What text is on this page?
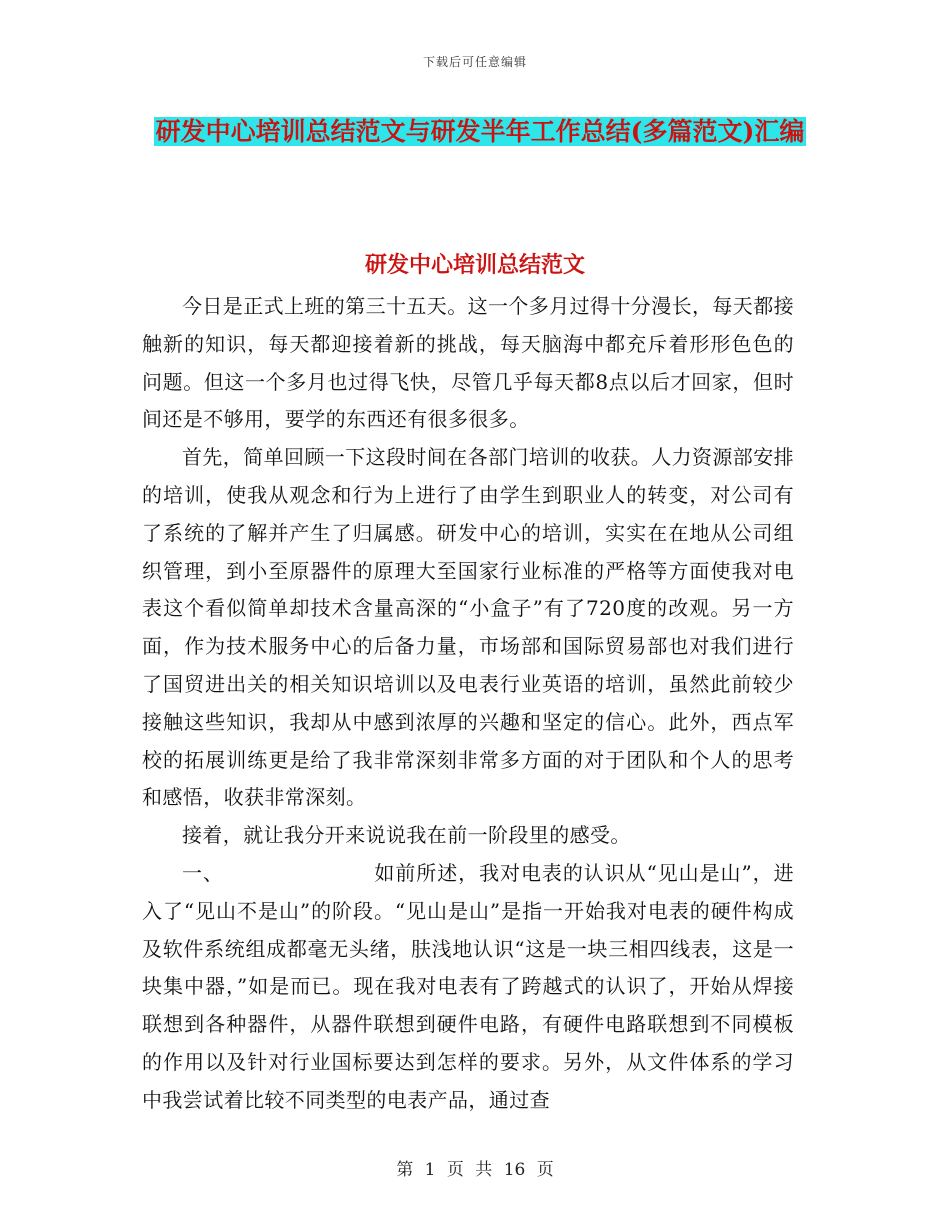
下载后可任意编辑
研发中心培训总结范文与研发半年工作总结(多篇范文)汇编
研发中心培训总结范文

今日是正式上班的第三十五天。这一个多月过得十分漫长，每天都接触新的知识，每天都迎接着新的挑战，每天脑海中都充斥着形形色色的问题。但这一个多月也过得飞快，尽管几乎每天都8点以后才回家，但时间还是不够用，要学的东西还有很多很多。

首先，简单回顾一下这段时间在各部门培训的收获。人力资源部安排的培训，使我从观念和行为上进行了由学生到职业人的转变，对公司有了系统的了解并产生了归属感。研发中心的培训，实实在在地从公司组织管理，到小至原器件的原理大至国家行业标准的严格等方面使我对电表这个看似简单却技术含量高深的“小盒子”有了720度的改观。另一方面，作为技术服务中心的后备力量，市场部和国际贸易部也对我们进行了国贸进出关的相关知识培训以及电表行业英语的培训，虽然此前较少接触这些知识，我却从中感到浓厚的兴趣和坚定的信心。此外，西点军校的拓展训练更是给了我非常深刻非常多方面的对于团队和个人的思考和感悟，收获非常深刻。

接着，就让我分开来说说我在前一阶段里的感受。

一、	如前所述，我对电表的认识从“见山是山”，进入了“见山不是山”的阶段。“见山是山”是指一开始我对电表的硬件构成及软件系统组成都毫无头绪，肤浅地认识“这是一块三相四线表，这是一块集中器，”如是而已。现在我对电表有了跨越式的认识了，开始从焊接联想到各种器件，从器件联想到硬件电路，有硬件电路联想到不同模板的作用以及针对行业国标要达到怎样的要求。另外，从文件体系的学习中我尝试着比较不同类型的电表产品，通过查

第 1 页 共 16 页
